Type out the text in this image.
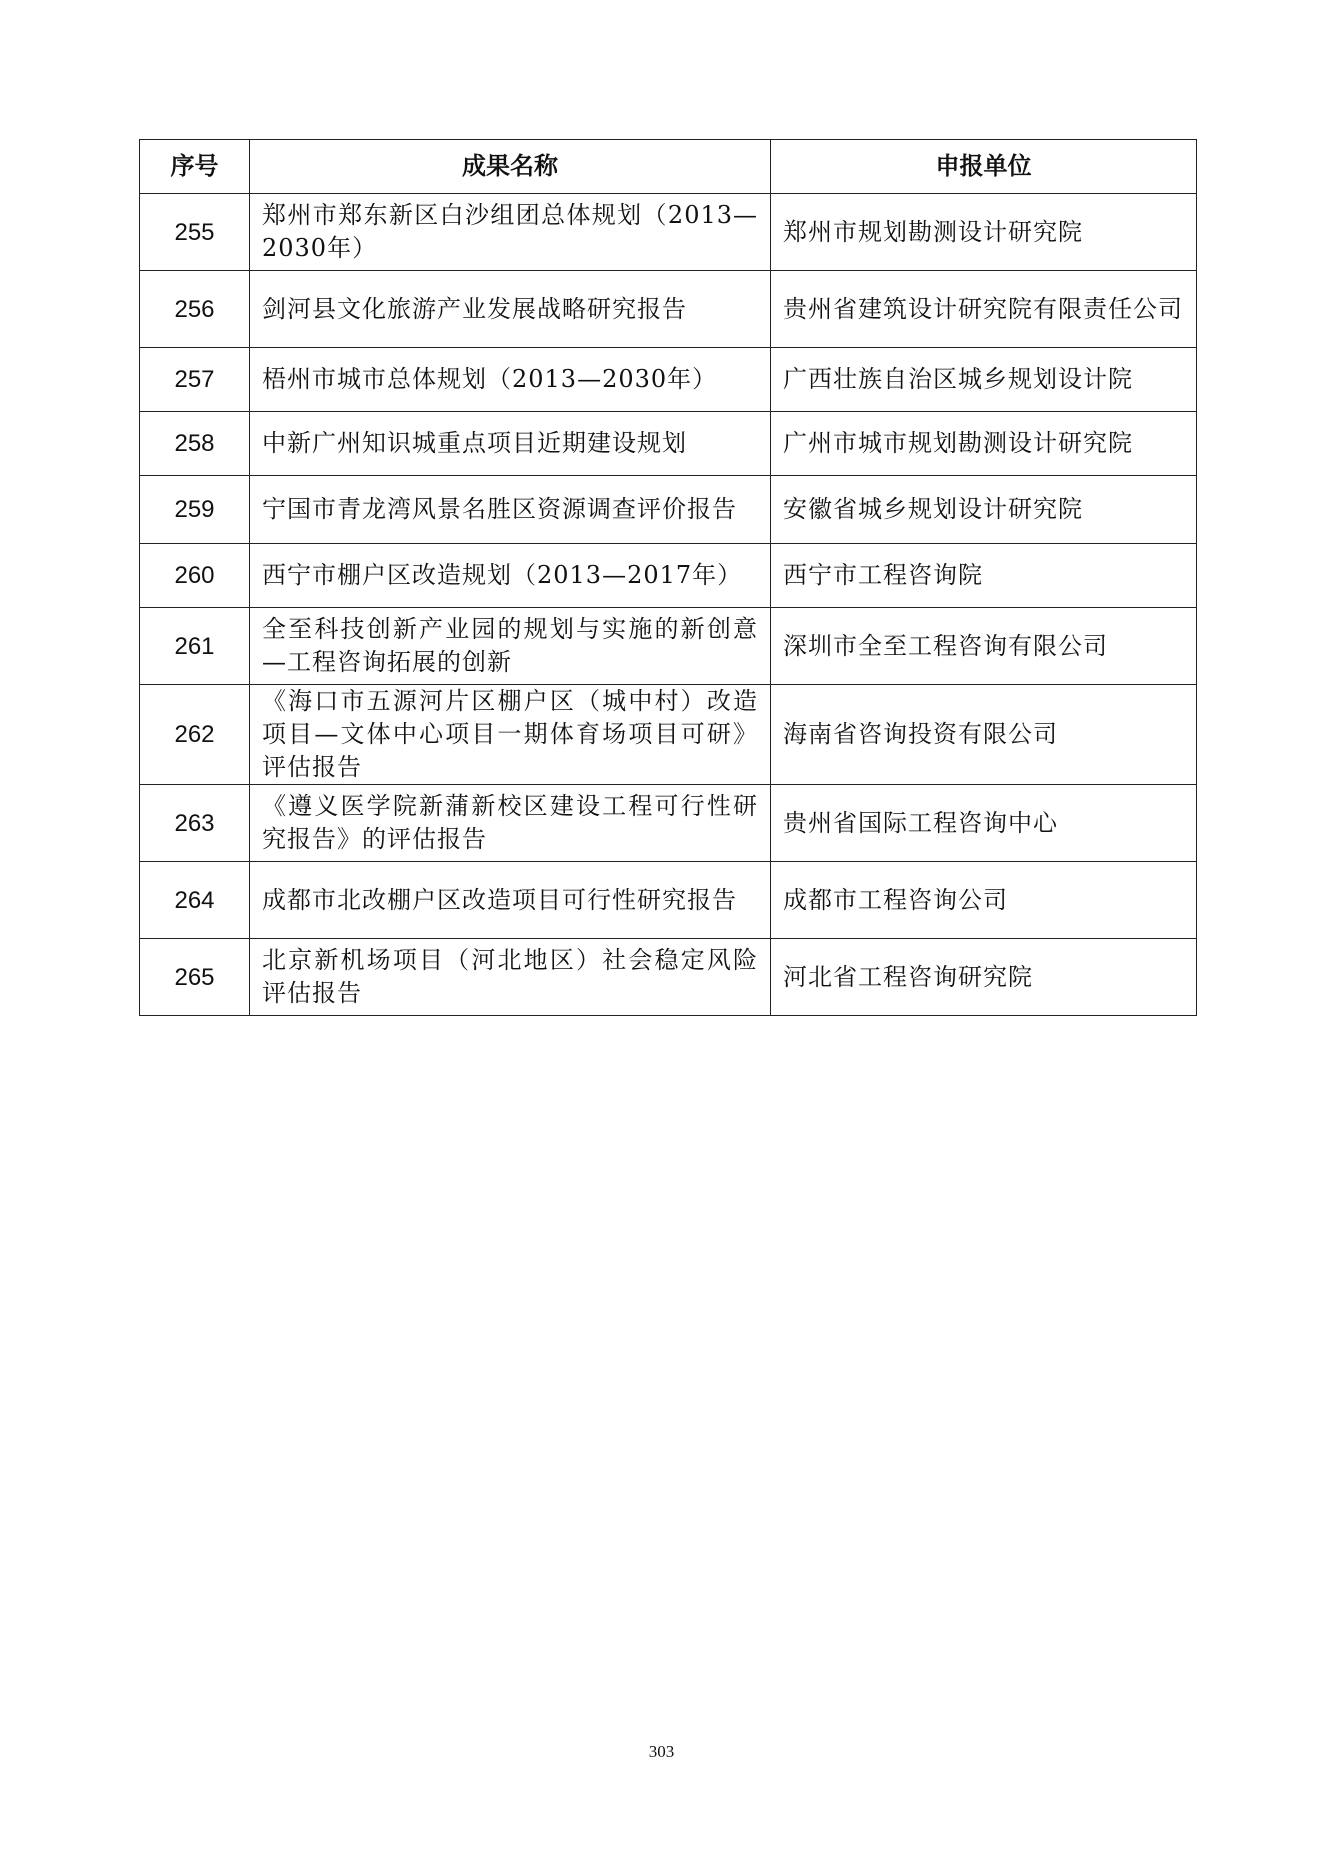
序号	成果名称	申报单位
255	郑州市郑东新区白沙组团总体规划（2013—2030年）	郑州市规划勘测设计研究院
256	剑河县文化旅游产业发展战略研究报告	贵州省建筑设计研究院有限责任公司
257	梧州市城市总体规划（2013—2030年）	广西壮族自治区城乡规划设计院
258	中新广州知识城重点项目近期建设规划	广州市城市规划勘测设计研究院
259	宁国市青龙湾风景名胜区资源调查评价报告	安徽省城乡规划设计研究院
260	西宁市棚户区改造规划（2013—2017年）	西宁市工程咨询院
261	全至科技创新产业园的规划与实施的新创意—工程咨询拓展的创新	深圳市全至工程咨询有限公司
262	《海口市五源河片区棚户区（城中村）改造项目—文体中心项目一期体育场项目可研》评估报告	海南省咨询投资有限公司
263	《遵义医学院新蒲新校区建设工程可行性研究报告》的评估报告	贵州省国际工程咨询中心
264	成都市北改棚户区改造项目可行性研究报告	成都市工程咨询公司
265	北京新机场项目（河北地区）社会稳定风险评估报告	河北省工程咨询研究院
303
